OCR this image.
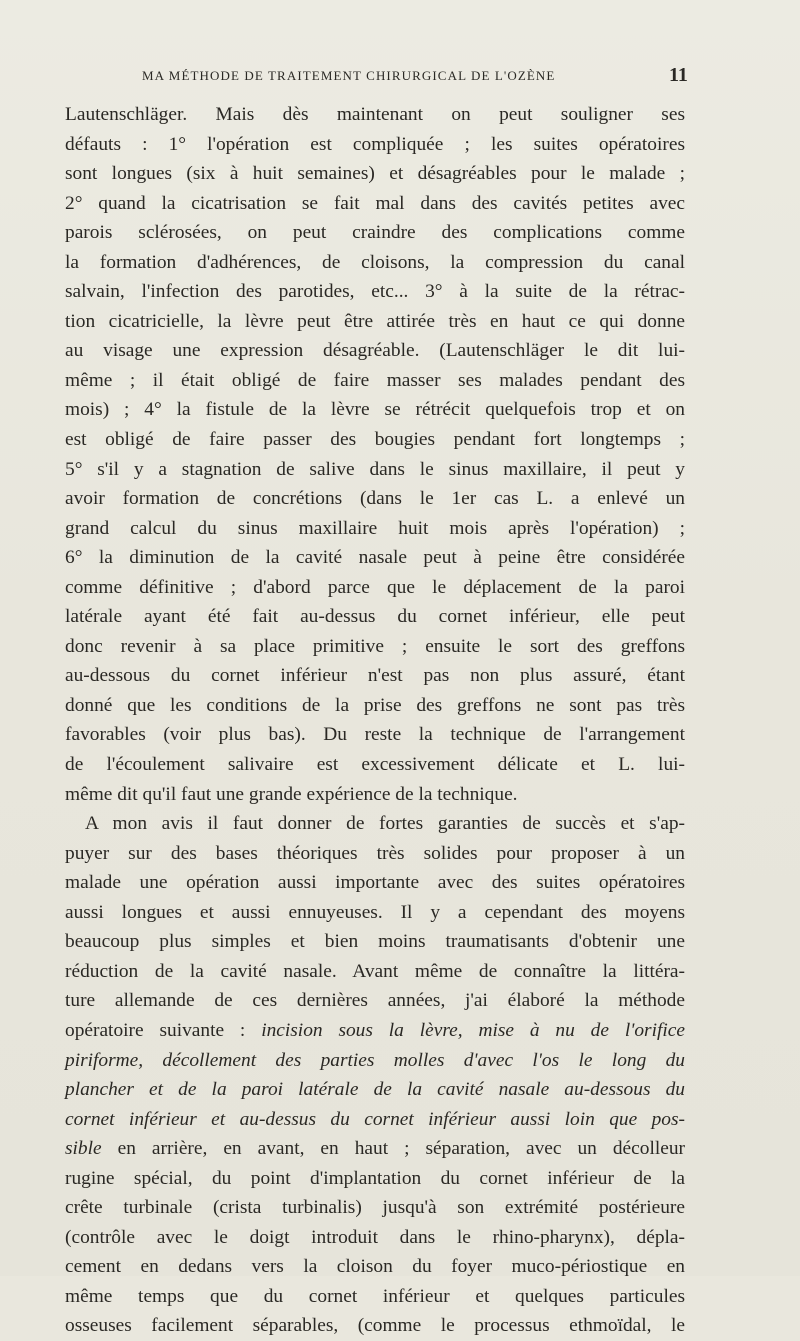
MA MÉTHODE DE TRAITEMENT CHIRURGICAL DE L'OZÈNE	11
Lautenschläger. Mais dès maintenant on peut souligner ses
défauts : 1° l'opération est compliquée ; les suites opératoires
sont longues (six à huit semaines) et désagréables pour le malade ;
2° quand la cicatrisation se fait mal dans des cavités petites avec
parois sclérosées, on peut craindre des complications comme
la formation d'adhérences, de cloisons, la compression du canal
salvain, l'infection des parotides, etc... 3° à la suite de la rétrac-
tion cicatricielle, la lèvre peut être attirée très en haut ce qui donne
au visage une expression désagréable. (Lautenschläger le dit lui-
même ; il était obligé de faire masser ses malades pendant des
mois) ; 4° la fistule de la lèvre se rétrécit quelquefois trop et on
est obligé de faire passer des bougies pendant fort longtemps ;
5° s'il y a stagnation de salive dans le sinus maxillaire, il peut y
avoir formation de concrétions (dans le 1er cas L. a enlevé un
grand calcul du sinus maxillaire huit mois après l'opération) ;
6° la diminution de la cavité nasale peut à peine être considérée
comme définitive ; d'abord parce que le déplacement de la paroi
latérale ayant été fait au-dessus du cornet inférieur, elle peut
donc revenir à sa place primitive ; ensuite le sort des greffons
au-dessous du cornet inférieur n'est pas non plus assuré, étant
donné que les conditions de la prise des greffons ne sont pas très
favorables (voir plus bas). Du reste la technique de l'arrangement
de l'écoulement salivaire est excessivement délicate et L. lui-
même dit qu'il faut une grande expérience de la technique.
A mon avis il faut donner de fortes garanties de succès et s'ap-
puyer sur des bases théoriques très solides pour proposer à un
malade une opération aussi importante avec des suites opératoires
aussi longues et aussi ennuyeuses. Il y a cependant des moyens
beaucoup plus simples et bien moins traumatisants d'obtenir une
réduction de la cavité nasale. Avant même de connaître la littéra-
ture allemande de ces dernières années, j'ai élaboré la méthode
opératoire suivante : incision sous la lèvre, mise à nu de l'orifice
piriforme, décollement des parties molles d'avec l'os le long du
plancher et de la paroi latérale de la cavité nasale au-dessous du
cornet inférieur et au-dessus du cornet inférieur aussi loin que pos-
sible en arrière, en avant, en haut ; séparation, avec un décolleur
rugine spécial, du point d'implantation du cornet inférieur de la
crête turbinale (crista turbinalis) jusqu'à son extrémité postérieure
(contrôle avec le doigt introduit dans le rhino-pharynx), dépla-
cement en dedans vers la cloison du foyer muco-périostique en
même temps que du cornet inférieur et quelques particules
osseuses facilement séparables, (comme le processus ethmoïdal, le
